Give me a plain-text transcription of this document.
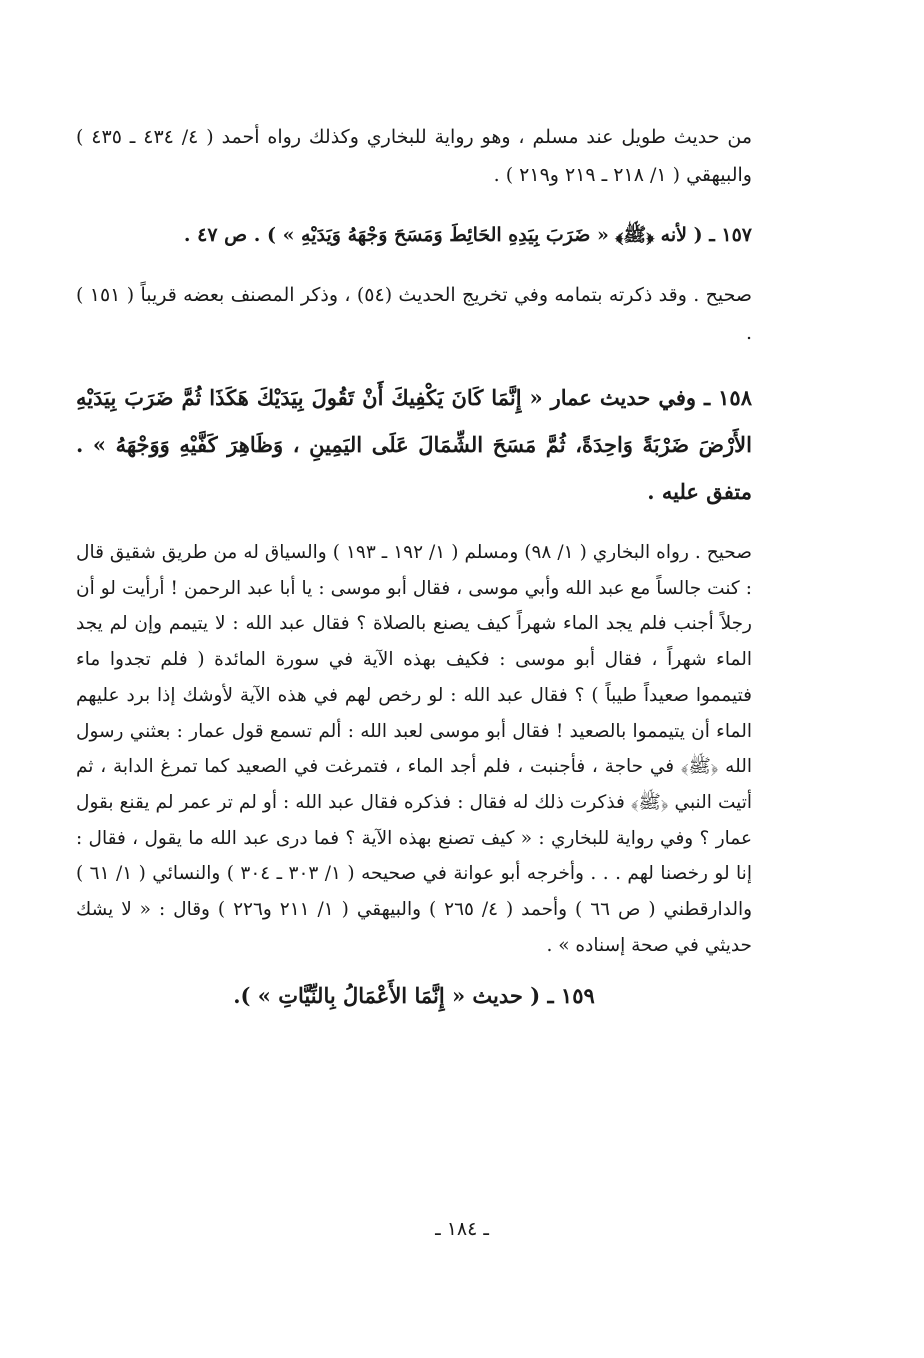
من حديث طويل عند مسلم ، وهو رواية للبخاري وكذلك رواه أحمد ( ٤/ ٤٣٤ ـ ٤٣٥ ) والبيهقي ( ١/ ٢١٨ ـ ٢١٩ و٢١٩ ) .

١٥٧ ـ ( لأنه ﴿ﷺ﴾ « ضَرَبَ بِيَدِهِ الحَائِطَ وَمَسَحَ وَجْهَهُ وَيَدَيْهِ » ) . ص ٤٧ .

صحيح . وقد ذكرته بتمامه وفي تخريج الحديث (٥٤) ، وذكر المصنف بعضه قريباً ( ١٥١ ) .

١٥٨ ـ وفي حديث عمار « إِنَّمَا كَانَ يَكْفِيكَ أَنْ تَقُولَ بِيَدَيْكَ هَكَذَا ثُمَّ ضَرَبَ بِيَدَيْهِ الأَرْضَ ضَرْبَةً وَاحِدَةً، ثُمَّ مَسَحَ الشِّمَالَ عَلَى اليَمِينِ ، وَظَاهِرَ كَفَّيْهِ وَوَجْهَهُ » . متفق عليه .

صحيح . رواه البخاري ( ١/ ٩٨) ومسلم ( ١/ ١٩٢ ـ ١٩٣ ) والسياق له من طريق شقيق قال : كنت جالساً مع عبد الله وأبي موسى ، فقال أبو موسى : يا أبا عبد الرحمن ! أرأيت لو أن رجلاً أجنب فلم يجد الماء شهراً كيف يصنع بالصلاة ؟ فقال عبد الله : لا يتيمم وإن لم يجد الماء شهراً ، فقال أبو موسى : فكيف بهذه الآية في سورة المائدة ( فلم تجدوا ماء فتيمموا صعيداً طيباً ) ؟ فقال عبد الله : لو رخص لهم في هذه الآية لأوشك إذا برد عليهم الماء أن يتيمموا بالصعيد ! فقال أبو موسى لعبد الله : ألم تسمع قول عمار : بعثني رسول الله ﴿ﷺ﴾ في حاجة ، فأجنبت ، فلم أجد الماء ، فتمرغت في الصعيد كما تمرغ الدابة ، ثم أتيت النبي ﴿ﷺ﴾ فذكرت ذلك له فقال : فذكره فقال عبد الله : أو لم تر عمر لم يقنع بقول عمار ؟ وفي رواية للبخاري : « كيف تصنع بهذه الآية ؟ فما درى عبد الله ما يقول ، فقال : إنا لو رخصنا لهم . . . وأخرجه أبو عوانة في صحيحه ( ١/ ٣٠٣ ـ ٣٠٤ ) والنسائي ( ١/ ٦١ ) والدارقطني ( ص ٦٦ ) وأحمد ( ٤/ ٢٦٥ ) والبيهقي ( ١/ ٢١١ و٢٢٦ ) وقال : « لا يشك حديثي في صحة إسناده » .

١٥٩ ـ ( حديث « إِنَّمَا الأَعْمَالُ بِالنِّيَّاتِ » ).

ـ ١٨٤ ـ
